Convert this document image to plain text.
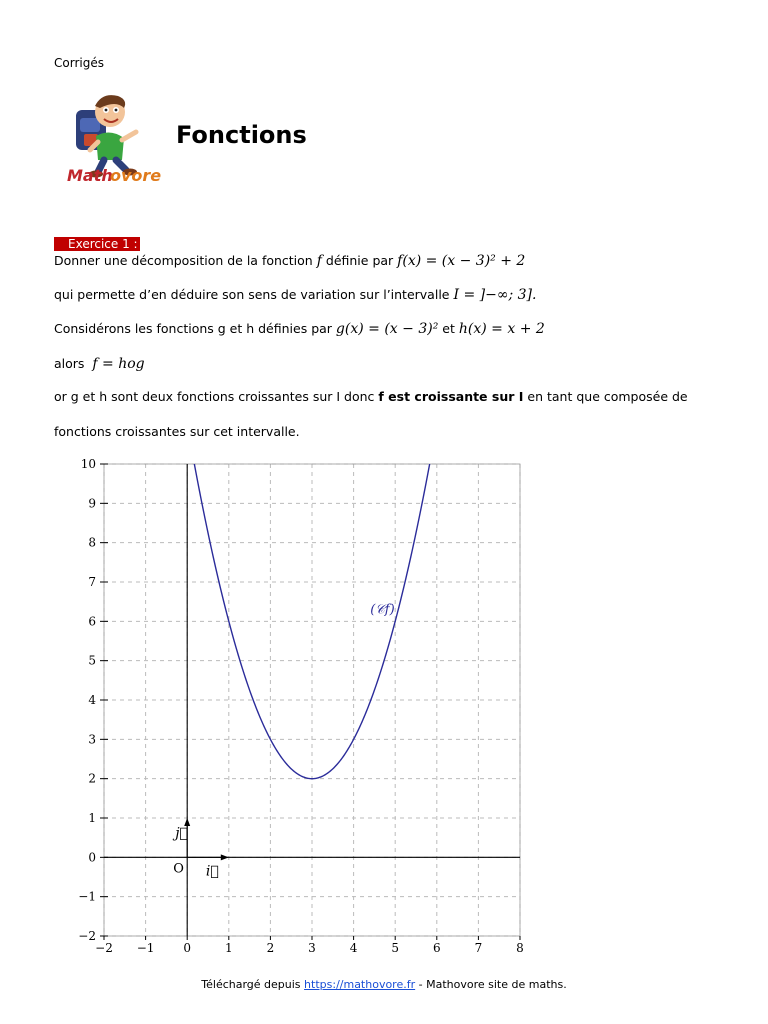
Corrigés
Math
ovore
Fonctions
Exercice 1 :
Donner une décomposition de la fonction f définie par f(x) = (x − 3)² + 2
qui permette d’en déduire son sens de variation sur l’intervalle I = ]−∞; 3].
Considérons les fonctions g et h définies par g(x) = (x − 3)² et h(x) = x + 2
alors f = hog
or g et h sont deux fonctions croissantes sur I donc f est croissante sur I en tant que composée de
fonctions croissantes sur cet intervalle.
−2 −1 0	1	2	3	4	5	6	7	8
−2
−1
0
1
2
3
4
5
6
7
8
9
10
(𝒞f)
i⃗
j⃗
O
Téléchargé depuis https://mathovore.fr - Mathovore site de maths.
